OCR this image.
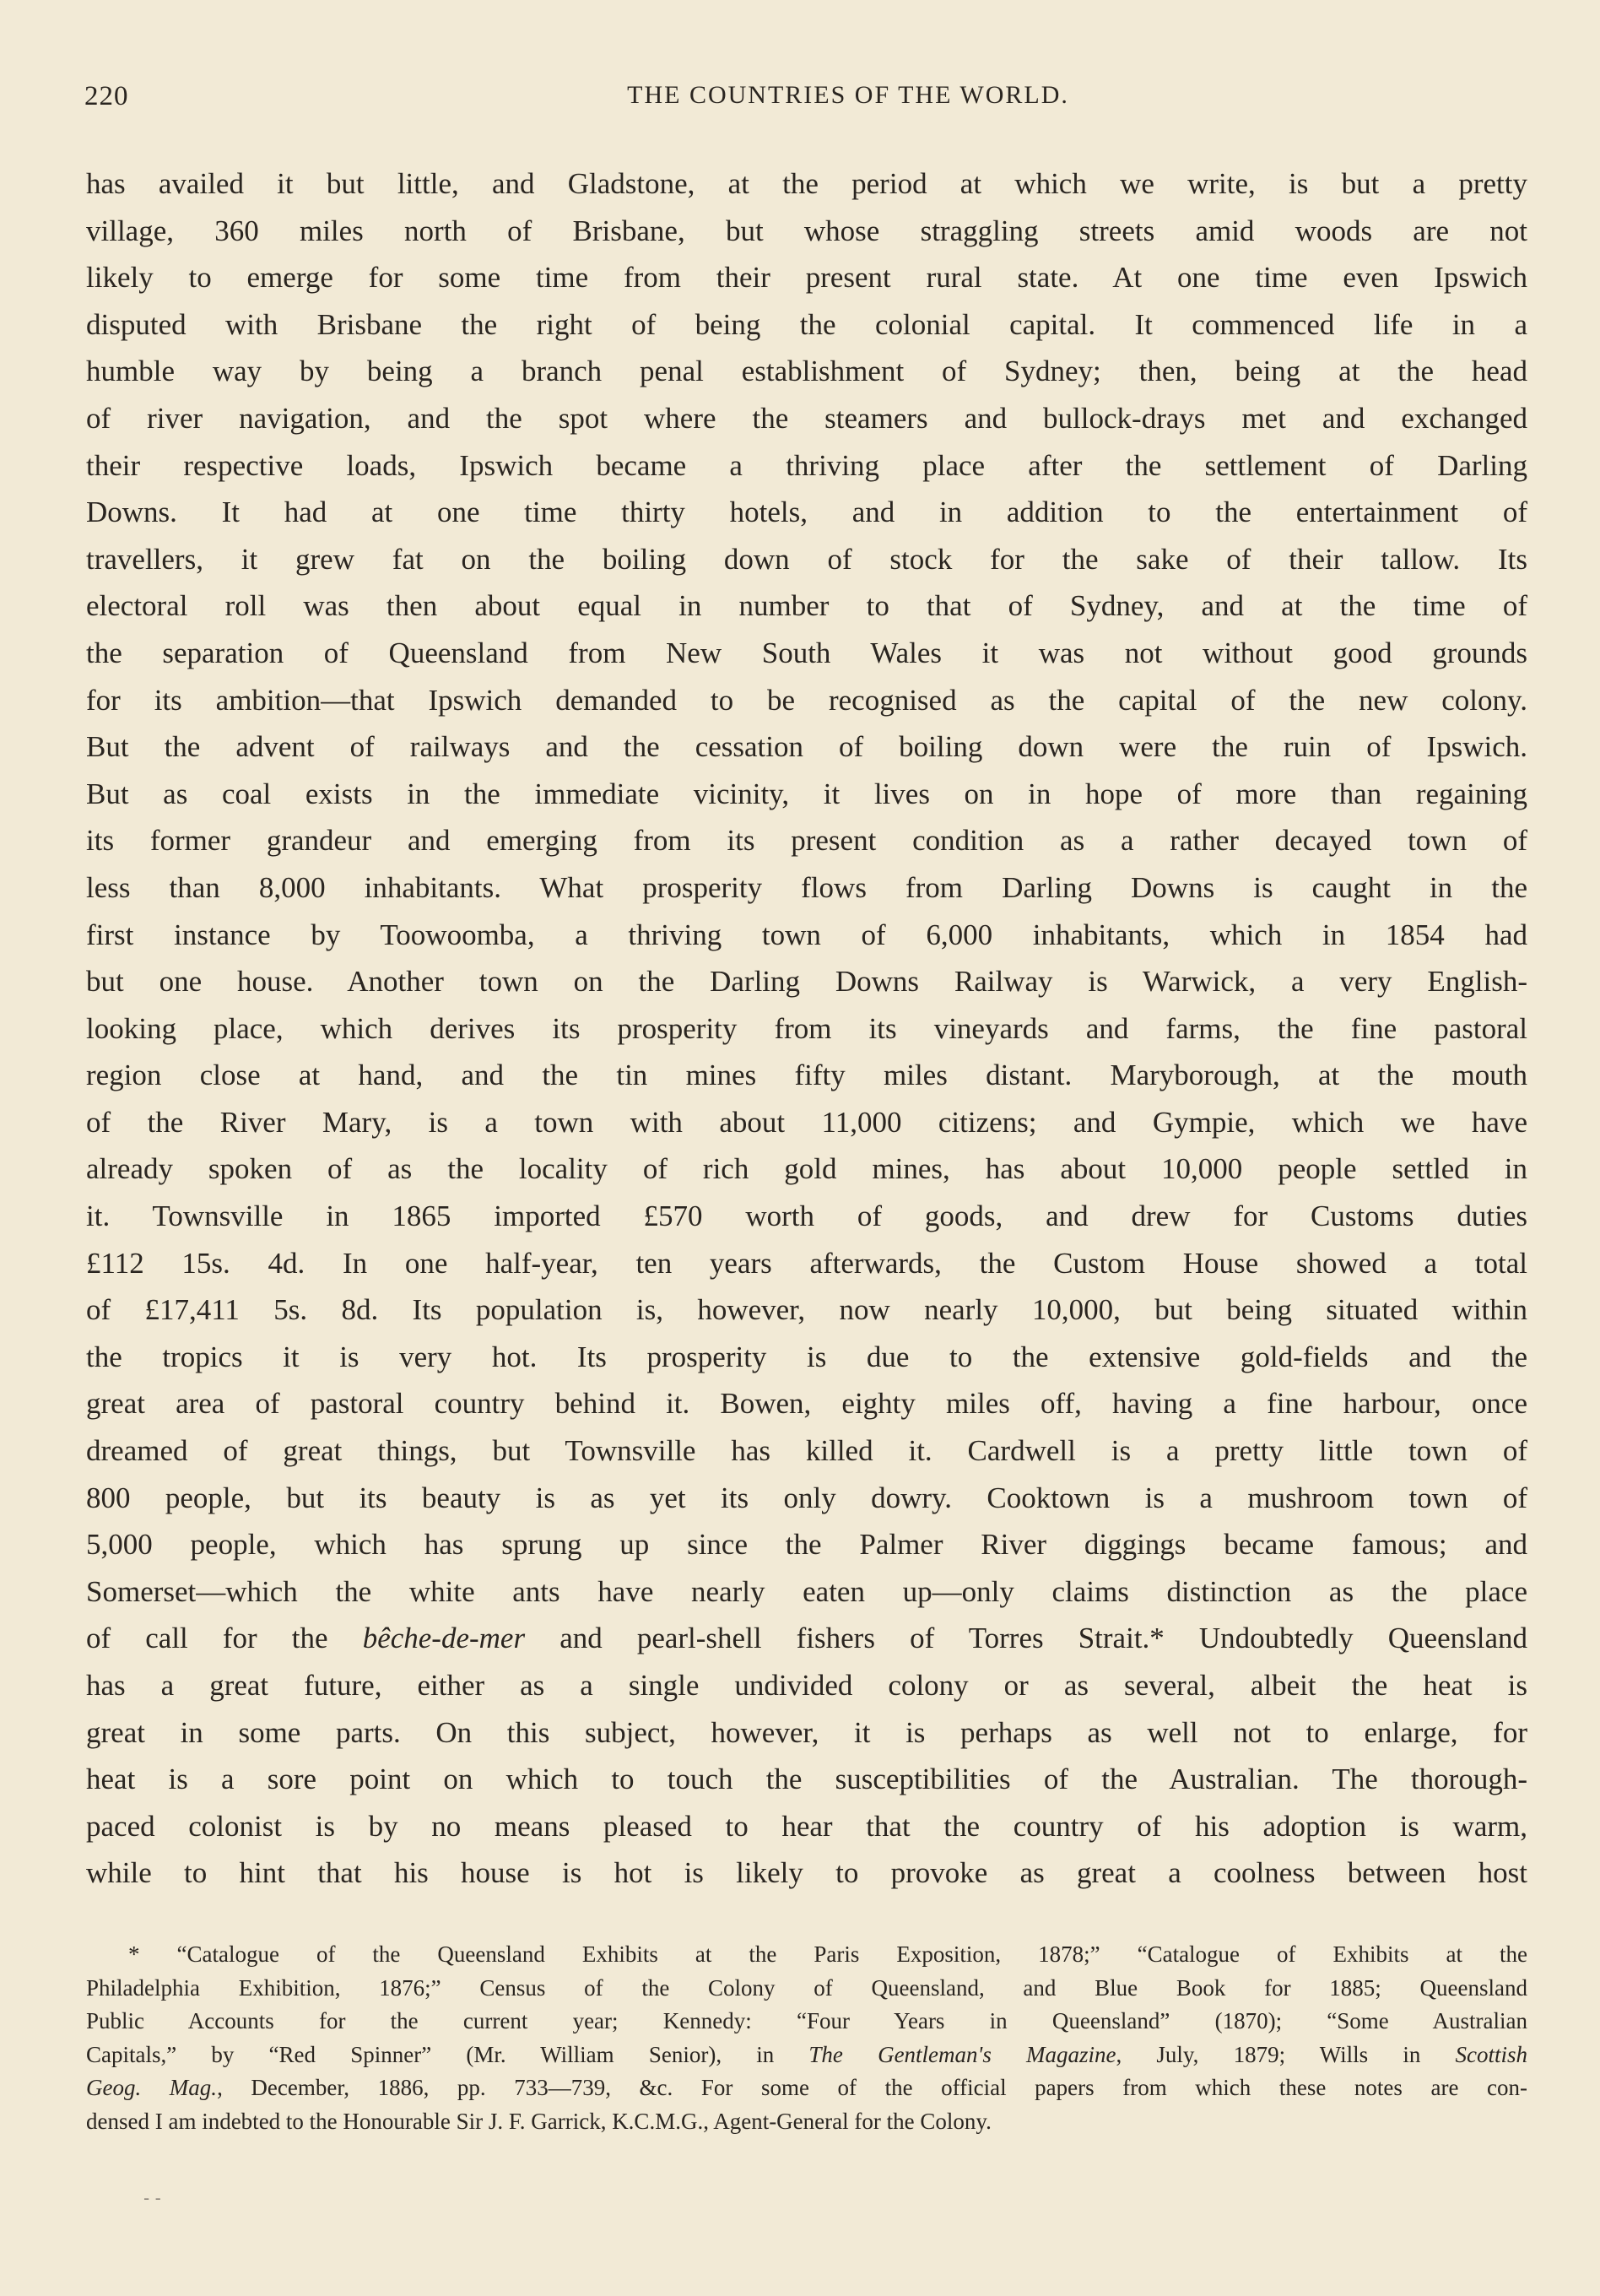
220	THE COUNTRIES OF THE WORLD.
has availed it but little, and Gladstone, at the period at which we write, is but a pretty
village, 360 miles north of Brisbane, but whose straggling streets amid woods are not
likely to emerge for some time from their present rural state. At one time even Ipswich
disputed with Brisbane the right of being the colonial capital. It commenced life in a
humble way by being a branch penal establishment of Sydney; then, being at the head
of river navigation, and the spot where the steamers and bullock-drays met and exchanged
their respective loads, Ipswich became a thriving place after the settlement of Darling
Downs. It had at one time thirty hotels, and in addition to the entertainment of
travellers, it grew fat on the boiling down of stock for the sake of their tallow. Its
electoral roll was then about equal in number to that of Sydney, and at the time of
the separation of Queensland from New South Wales it was not without good grounds
for its ambition—that Ipswich demanded to be recognised as the capital of the new colony.
But the advent of railways and the cessation of boiling down were the ruin of Ipswich.
But as coal exists in the immediate vicinity, it lives on in hope of more than regaining
its former grandeur and emerging from its present condition as a rather decayed town of
less than 8,000 inhabitants. What prosperity flows from Darling Downs is caught in the
first instance by Toowoomba, a thriving town of 6,000 inhabitants, which in 1854 had
but one house. Another town on the Darling Downs Railway is Warwick, a very English-
looking place, which derives its prosperity from its vineyards and farms, the fine pastoral
region close at hand, and the tin mines fifty miles distant. Maryborough, at the mouth
of the River Mary, is a town with about 11,000 citizens; and Gympie, which we have
already spoken of as the locality of rich gold mines, has about 10,000 people settled in
it. Townsville in 1865 imported £570 worth of goods, and drew for Customs duties
£112 15s. 4d. In one half-year, ten years afterwards, the Custom House showed a total
of £17,411 5s. 8d. Its population is, however, now nearly 10,000, but being situated within
the tropics it is very hot. Its prosperity is due to the extensive gold-fields and the
great area of pastoral country behind it. Bowen, eighty miles off, having a fine harbour, once
dreamed of great things, but Townsville has killed it. Cardwell is a pretty little town of
800 people, but its beauty is as yet its only dowry. Cooktown is a mushroom town of
5,000 people, which has sprung up since the Palmer River diggings became famous; and
Somerset—which the white ants have nearly eaten up—only claims distinction as the place
of call for the bêche-de-mer and pearl-shell fishers of Torres Strait.* Undoubtedly Queensland
has a great future, either as a single undivided colony or as several, albeit the heat is
great in some parts. On this subject, however, it is perhaps as well not to enlarge, for
heat is a sore point on which to touch the susceptibilities of the Australian. The thorough-
paced colonist is by no means pleased to hear that the country of his adoption is warm,
while to hint that his house is hot is likely to provoke as great a coolness between host
* “Catalogue of the Queensland Exhibits at the Paris Exposition, 1878;” “Catalogue of Exhibits at the
Philadelphia Exhibition, 1876;” Census of the Colony of Queensland, and Blue Book for 1885; Queensland
Public Accounts for the current year; Kennedy: “Four Years in Queensland” (1870); “Some Australian
Capitals,” by “Red Spinner” (Mr. William Senior), in The Gentleman's Magazine, July, 1879; Wills in Scottish
Geog. Mag., December, 1886, pp. 733—739, &c. For some of the official papers from which these notes are con-
densed I am indebted to the Honourable Sir J. F. Garrick, K.C.M.G., Agent-General for the Colony.
- -
